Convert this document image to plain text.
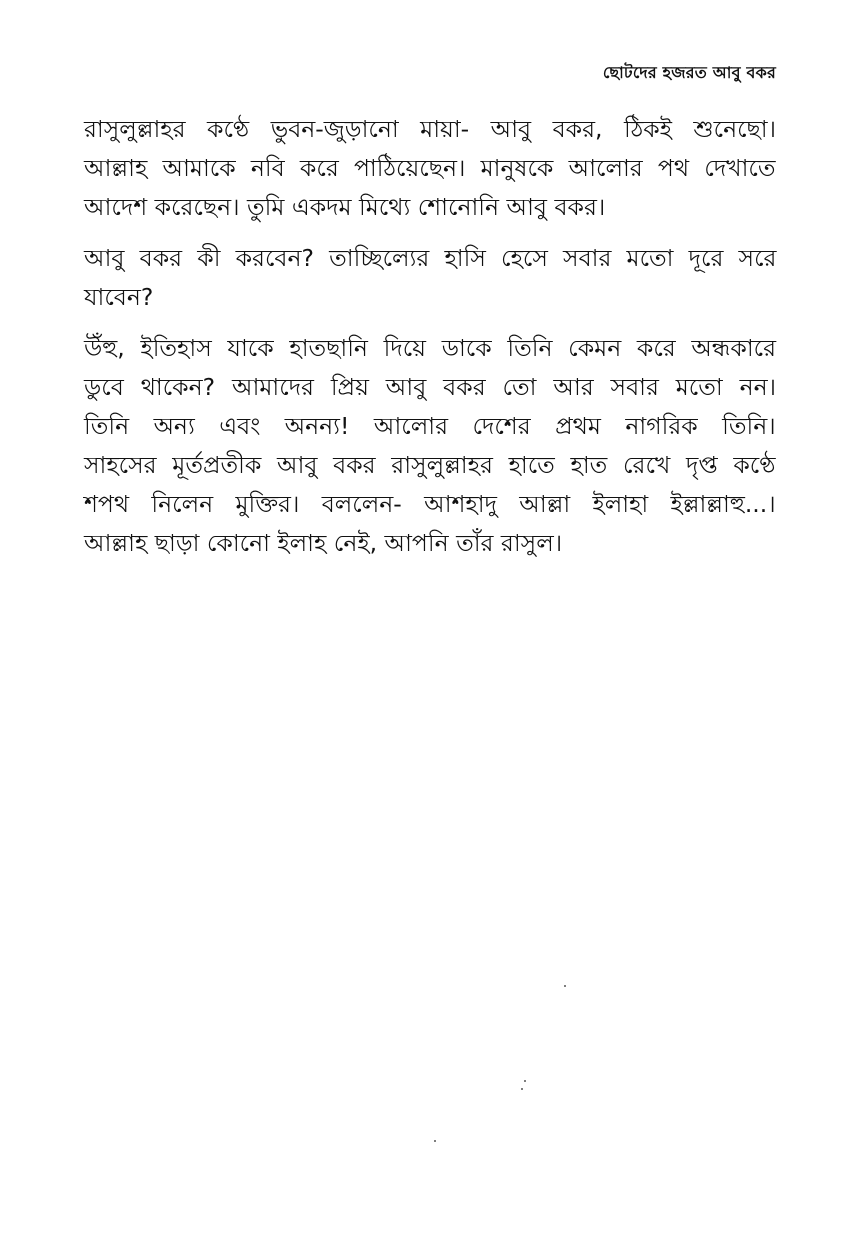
ছোটদের হজরত আবু বকর

রাসুলুল্লাহর কণ্ঠে ভুবন-জুড়ানো মায়া- আবু বকর, ঠিকই শুনেছো।
আল্লাহ আমাকে নবি করে পাঠিয়েছেন। মানুষকে আলোর পথ দেখাতে
আদেশ করেছেন। তুমি একদম মিথ্যে শোনোনি আবু বকর।

আবু বকর কী করবেন? তাচ্ছিল্যের হাসি হেসে সবার মতো দূরে সরে
যাবেন?

উঁহু, ইতিহাস যাকে হাতছানি দিয়ে ডাকে তিনি কেমন করে অন্ধকারে
ডুবে থাকেন? আমাদের প্রিয় আবু বকর তো আর সবার মতো নন।
তিনি অন্য এবং অনন্য! আলোর দেশের প্রথম নাগরিক তিনি।
সাহসের মূর্তপ্রতীক আবু বকর রাসুলুল্লাহর হাতে হাত রেখে দৃপ্ত কণ্ঠে
শপথ নিলেন মুক্তির। বললেন- আশহাদু আল্লা ইলাহা ইল্লাল্লাহু...।
আল্লাহ ছাড়া কোনো ইলাহ নেই, আপনি তাঁর রাসুল।
